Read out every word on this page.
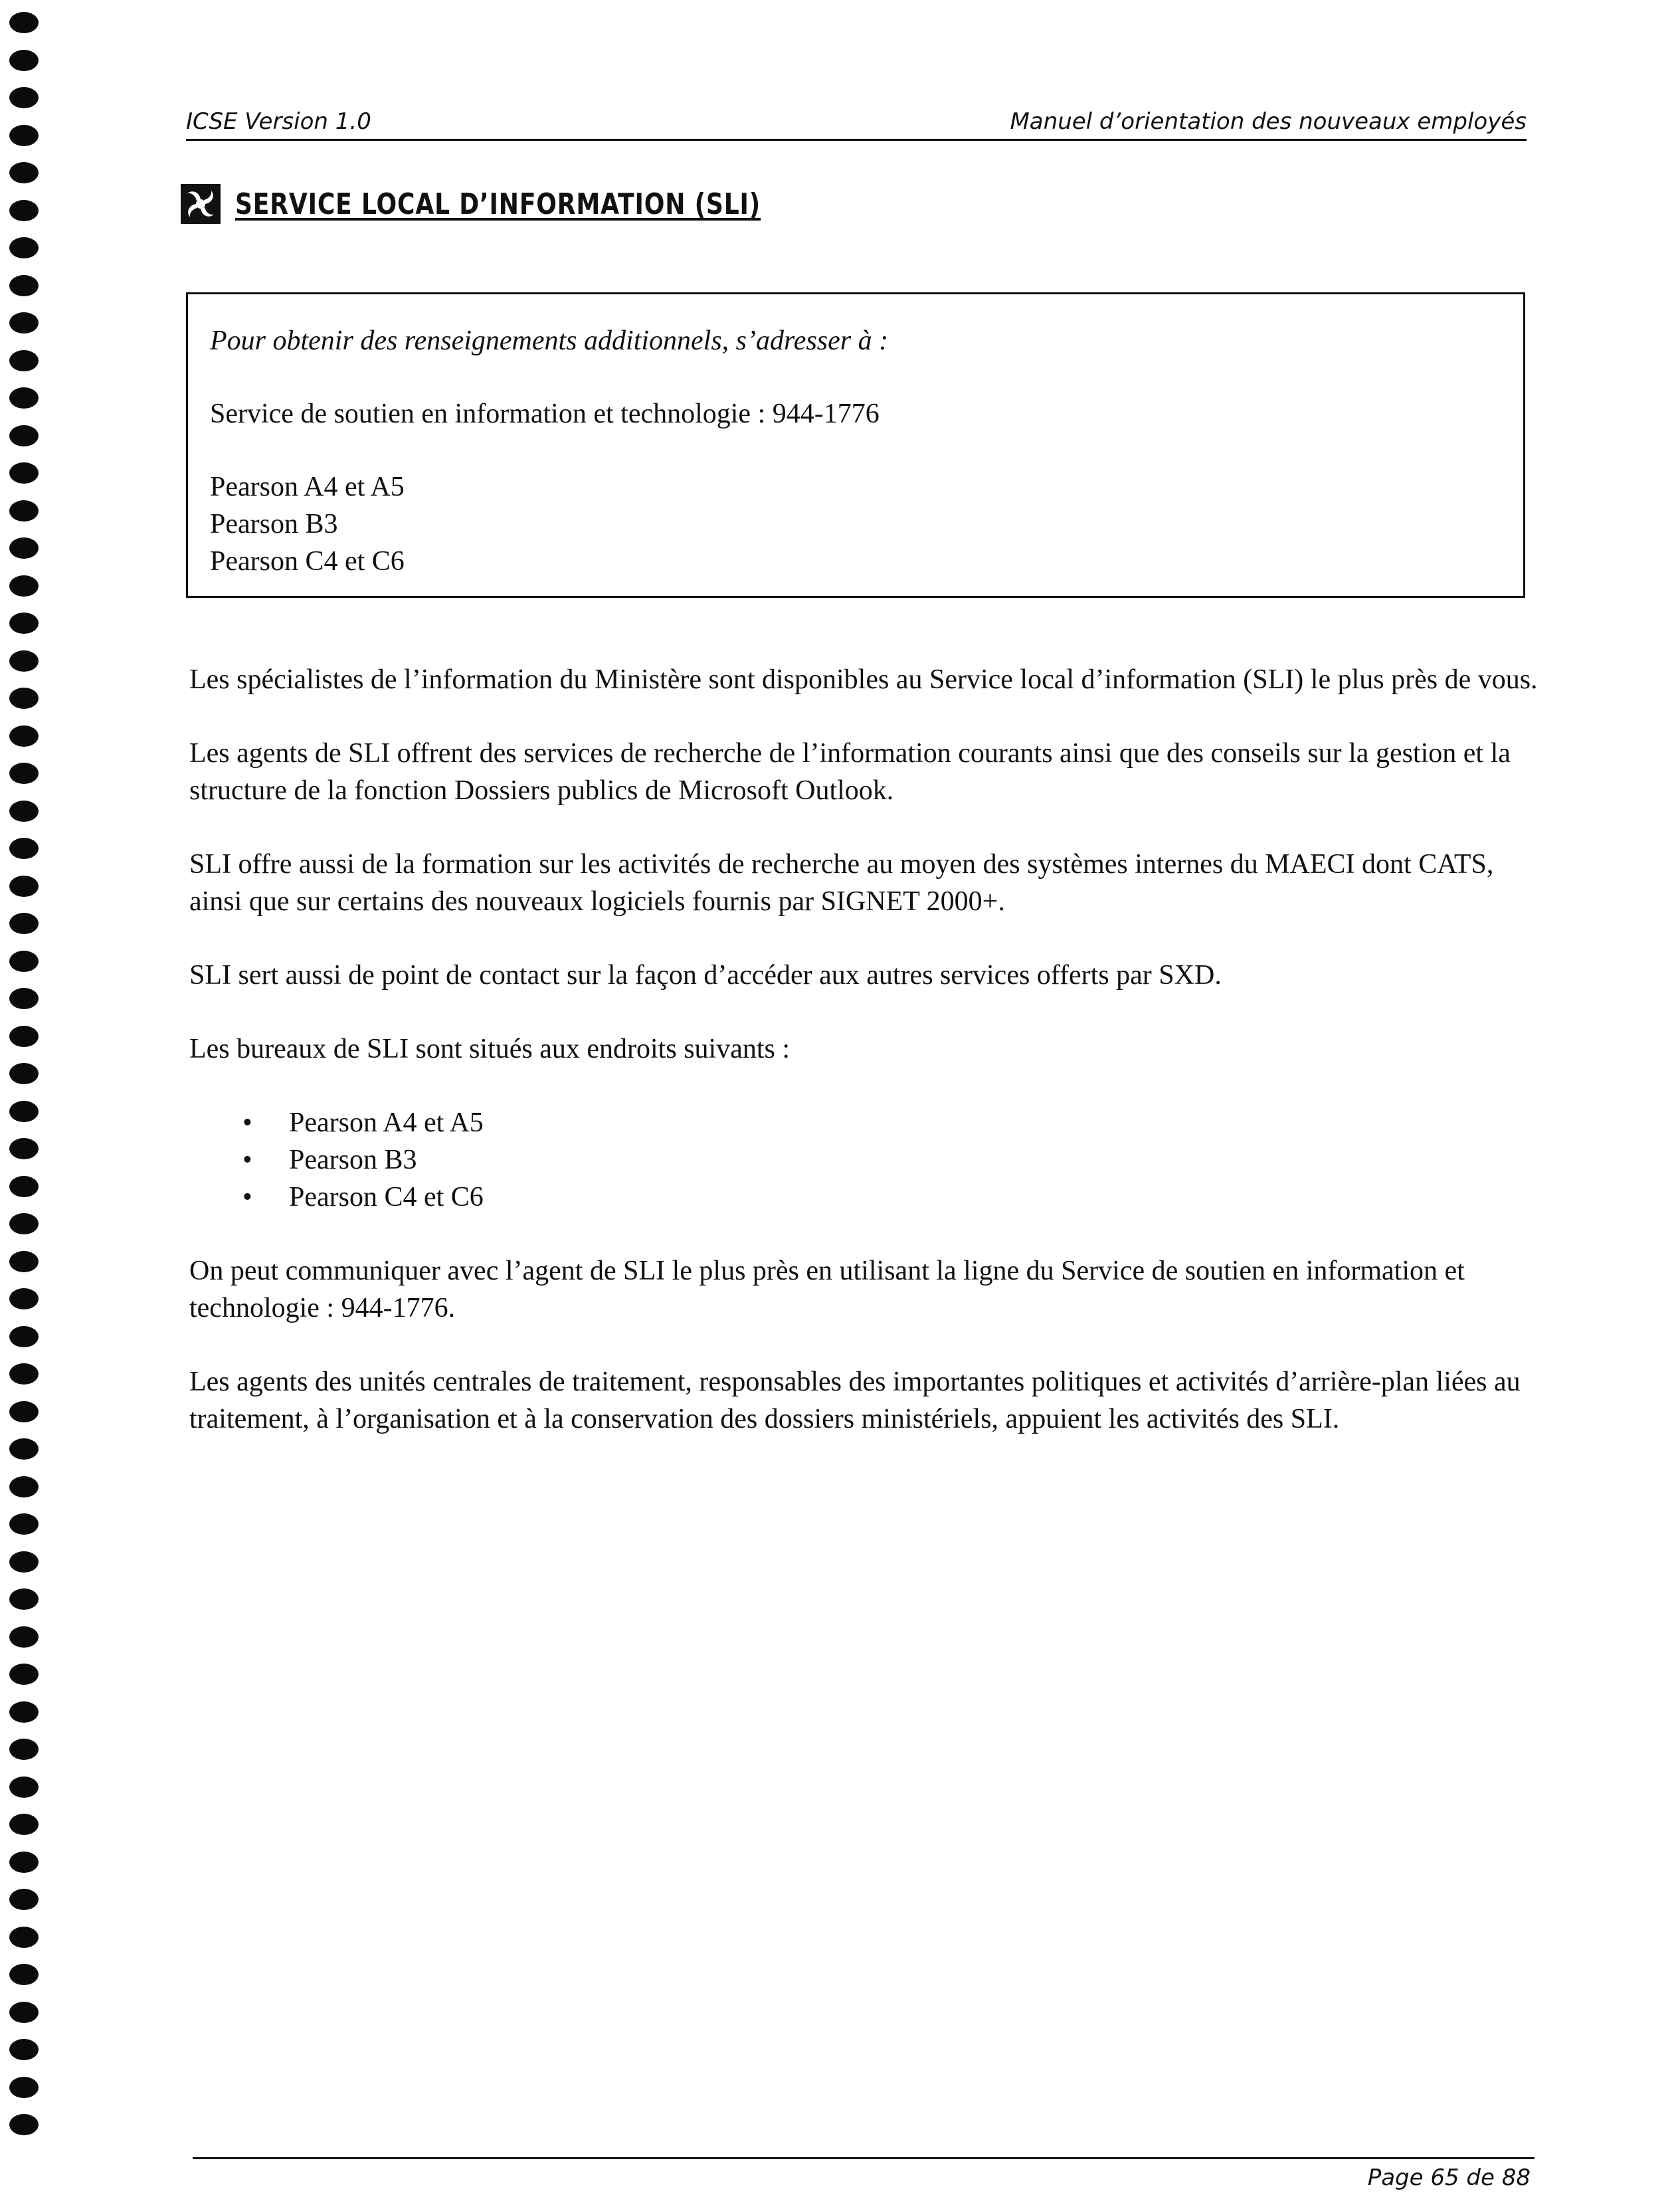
ICSE Version 1.0	Manuel d’orientation des nouveaux employés
SERVICE LOCAL D’INFORMATION (SLI)

Pour obtenir des renseignements additionnels, s’adresser à :

Service de soutien en information et technologie : 944-1776

Pearson A4 et A5

Pearson B3

Pearson C4 et C6

Les spécialistes de l’information du Ministère sont disponibles au Service local d’information (SLI) le plus près de vous.

Les agents de SLI offrent des services de recherche de l’information courants ainsi que des conseils sur la gestion et la structure de la fonction Dossiers publics de Microsoft Outlook.

SLI offre aussi de la formation sur les activités de recherche au moyen des systèmes internes du MAECI dont CATS, ainsi que sur certains des nouveaux logiciels fournis par SIGNET 2000+.

SLI sert aussi de point de contact sur la façon d’accéder aux autres services offerts par SXD.

Les bureaux de SLI sont situés aux endroits suivants :

• Pearson A4 et A5
• Pearson B3
• Pearson C4 et C6

On peut communiquer avec l’agent de SLI le plus près en utilisant la ligne du Service de soutien en information et technologie : 944-1776.

Les agents des unités centrales de traitement, responsables des importantes politiques et activités d’arrière-plan liées au traitement, à l’organisation et à la conservation des dossiers ministériels, appuient les activités des SLI.

Page 65 de 88
